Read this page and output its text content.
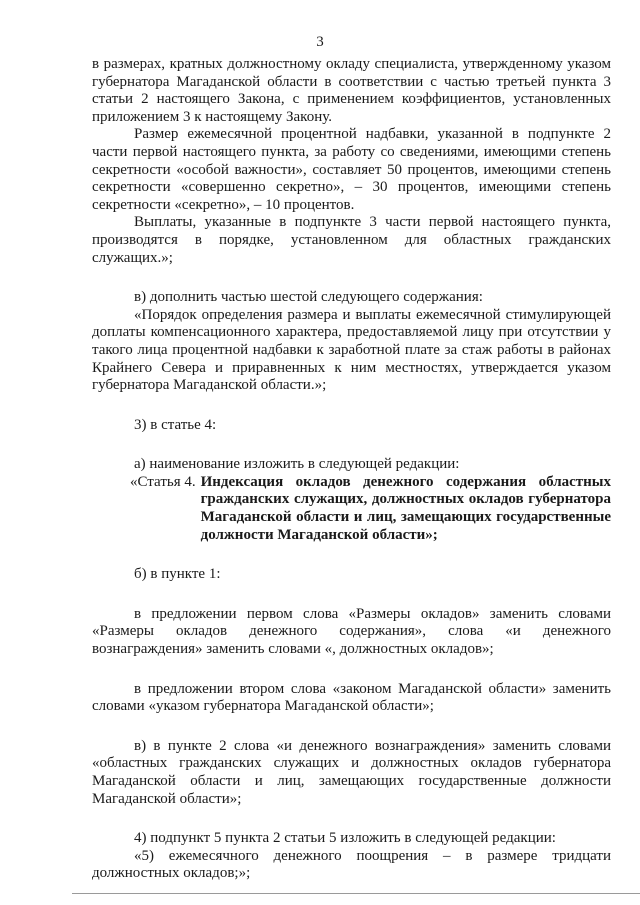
3

в размерах, кратных должностному окладу специалиста, утвержденному указом губернатора Магаданской области в соответствии с частью третьей пункта 3 статьи 2 настоящего Закона, с применением коэффициентов, установленных приложением 3 к настоящему Закону.

Размер ежемесячной процентной надбавки, указанной в подпункте 2 части первой настоящего пункта, за работу со сведениями, имеющими степень секретности «особой важности», составляет 50 процентов, имеющими степень секретности «совершенно секретно», – 30 процентов, имеющими степень секретности «секретно», – 10 процентов.

Выплаты, указанные в подпункте 3 части первой настоящего пункта, производятся в порядке, установленном для областных гражданских служащих.»;

в) дополнить частью шестой следующего содержания:

«Порядок определения размера и выплаты ежемесячной стимулирующей доплаты компенсационного характера, предоставляемой лицу при отсутствии у такого лица процентной надбавки к заработной плате за стаж работы в районах Крайнего Севера и приравненных к ним местностях, утверждается указом губернатора Магаданской области.»;

3) в статье 4:

а) наименование изложить в следующей редакции:

«Статья 4. Индексация окладов денежного содержания областных гражданских служащих, должностных окладов губернатора Магаданской области и лиц, замещающих государственные должности Магаданской области»;

б) в пункте 1:

в предложении первом слова «Размеры окладов» заменить словами «Размеры окладов денежного содержания», слова «и денежного вознаграждения» заменить словами «, должностных окладов»;

в предложении втором слова «законом Магаданской области» заменить словами «указом губернатора Магаданской области»;

в) в пункте 2 слова «и денежного вознаграждения» заменить словами «областных гражданских служащих и должностных окладов губернатора Магаданской области и лиц, замещающих государственные должности Магаданской области»;

4) подпункт 5 пункта 2 статьи 5 изложить в следующей редакции:

«5) ежемесячного денежного поощрения – в размере тридцати должностных окладов;»;
